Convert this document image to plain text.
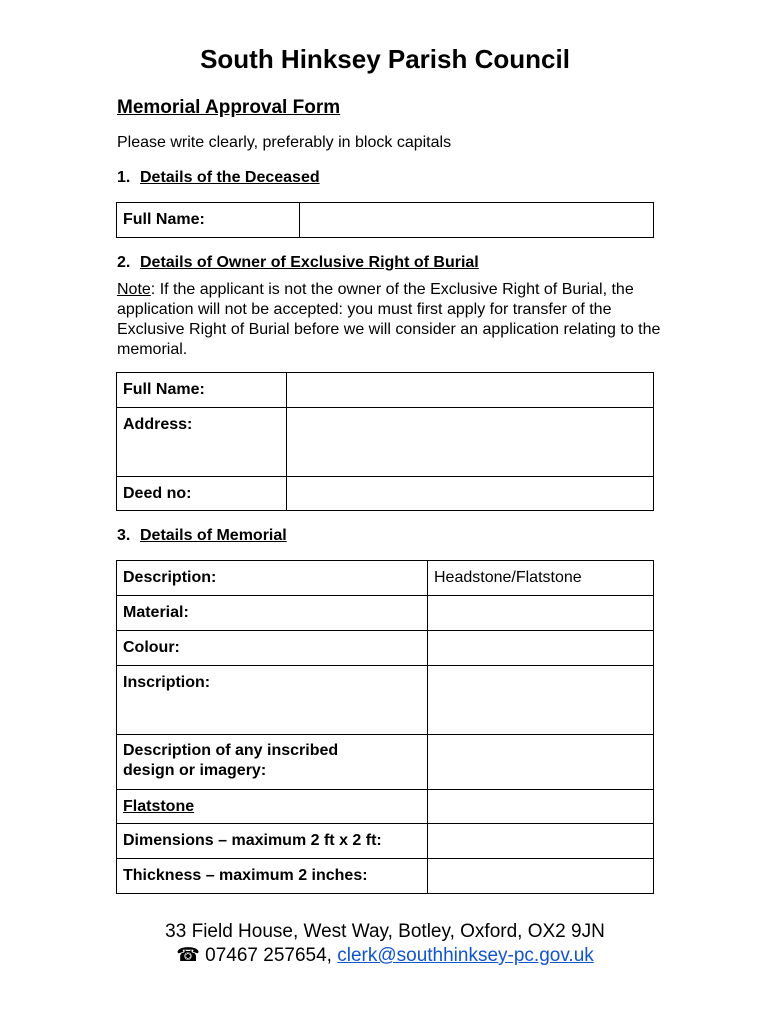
South Hinksey Parish Council
Memorial Approval Form
Please write clearly, preferably in block capitals
1. Details of the Deceased
Full Name:	
2. Details of Owner of Exclusive Right of Burial
Note: If the applicant is not the owner of the Exclusive Right of Burial, the application will not be accepted: you must first apply for transfer of the Exclusive Right of Burial before we will consider an application relating to the memorial.
Full Name:	
Address:	
Deed no:	
3. Details of Memorial
Description:	Headstone/Flatstone
Material:	
Colour:	
Inscription:	
Description of any inscribed
design or imagery:	
Flatstone	
Dimensions – maximum 2 ft x 2 ft:	
Thickness – maximum 2 inches:	
33 Field House, West Way, Botley, Oxford, OX2 9JN
☎ 07467 257654, clerk@southhinksey-pc.gov.uk
